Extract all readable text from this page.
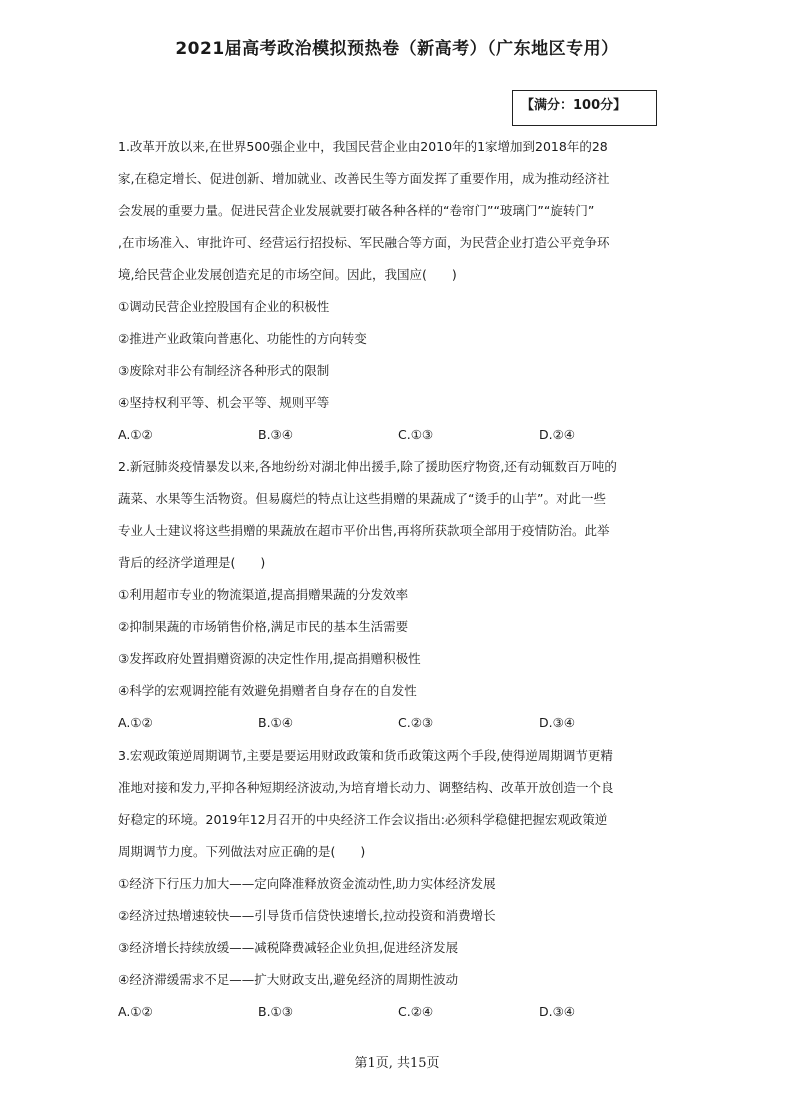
2021届高考政治模拟预热卷（新高考）（广东地区专用）
【满分：100分】
1.改革开放以来,在世界500强企业中，我国民营企业由2010年的1家增加到2018年的28
家,在稳定增长、促进创新、增加就业、改善民生等方面发挥了重要作用，成为推动经济社
会发展的重要力量。促进民营企业发展就要打破各种各样的“卷帘门”“玻璃门”“旋转门”
,在市场准入、审批许可、经营运行招投标、军民融合等方面，为民营企业打造公平竞争环
境,给民营企业发展创造充足的市场空间。因此，我国应(　　)
①调动民营企业控股国有企业的积极性
②推进产业政策向普惠化、功能性的方向转变
③废除对非公有制经济各种形式的限制
④坚持权利平等、机会平等、规则平等
A.①②	B.③④	C.①③	D.②④
2.新冠肺炎疫情暴发以来,各地纷纷对湖北伸出援手,除了援助医疗物资,还有动辄数百万吨的
蔬菜、水果等生活物资。但易腐烂的特点让这些捐赠的果蔬成了“烫手的山芋”。对此一些
专业人士建议将这些捐赠的果蔬放在超市平价出售,再将所获款项全部用于疫情防治。此举
背后的经济学道理是(　　)
①利用超市专业的物流渠道,提高捐赠果蔬的分发效率
②抑制果蔬的市场销售价格,满足市民的基本生活需要
③发挥政府处置捐赠资源的决定性作用,提高捐赠积极性
④科学的宏观调控能有效避免捐赠者自身存在的自发性
A.①②	B.①④	C.②③	D.③④
3.宏观政策逆周期调节,主要是要运用财政政策和货币政策这两个手段,使得逆周期调节更精
准地对接和发力,平抑各种短期经济波动,为培育增长动力、调整结构、改革开放创造一个良
好稳定的环境。2019年12月召开的中央经济工作会议指出:必须科学稳健把握宏观政策逆
周期调节力度。下列做法对应正确的是(　　)
①经济下行压力加大——定向降准释放资金流动性,助力实体经济发展
②经济过热增速较快——引导货币信贷快速增长,拉动投资和消费增长
③经济增长持续放缓——减税降费减轻企业负担,促进经济发展
④经济滞缓需求不足——扩大财政支出,避免经济的周期性波动
A.①②	B.①③	C.②④	D.③④
第1页, 共15页
